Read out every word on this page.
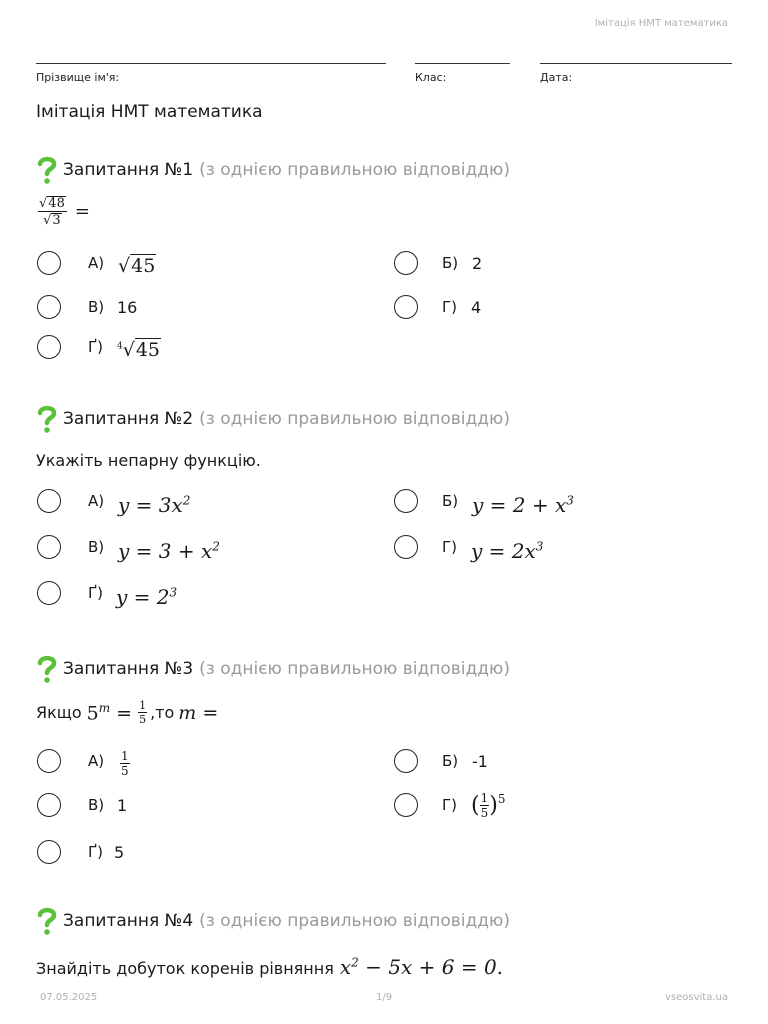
Імітація НМТ математика
Прізвище ім'я:	Клас:	Дата:
Імітація НМТ математика
Запитання №1 (з однією правильною відповіддю)
$\frac{√ 48}{√ 3}$ =
А) √ 45	Б) 2
В) 16	Г) 4
Ґ) $^4$√ 45
Запитання №2 (з однією правильною відповіддю)
Укажіть непарну функцію.
А) $y = 3x^2$	Б) $y = 2 + x^3$
В) $y = 3 + x^2$	Г) $y = 2x^3$
Ґ) $y = 2^3$
Запитання №3 (з однією правильною відповіддю)
Якщо $5^m = \frac{1}{5} ,то$ m =
$А) \frac{1}{5}$	Б) -1
В) 1	Г) ( $\frac{1}{5} )^5$
Ґ) 5
Запитання №4 (з однією правильною відповіддю)
Знайдіть добуток коренів рівняння $x^2 - 5x + 6 = 0$.
07.05.2025	1/9	vseosvita.ua
